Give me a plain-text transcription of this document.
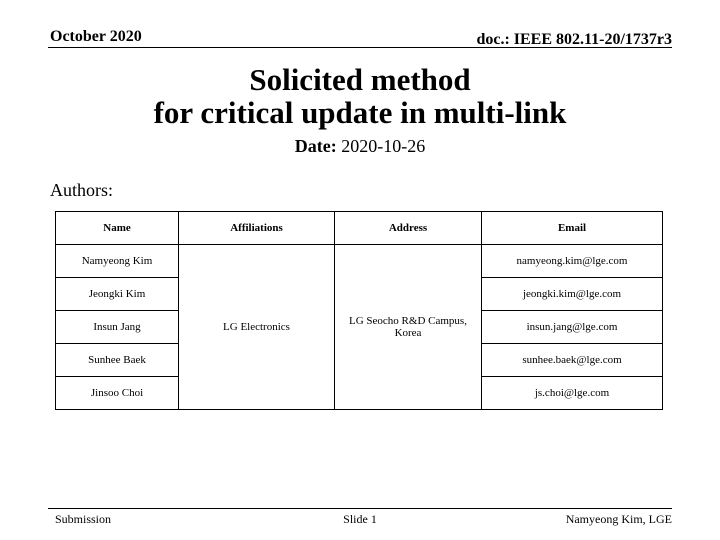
October 2020	doc.: IEEE 802.11-20/1737r3
Solicited method
for critical update in multi-link
Date: 2020-10-26
Authors:
Name	Affiliations	Address	Email
Namyeong Kim	LG Electronics	LG Seocho R&D Campus, Korea	namyeong.kim@lge.com
Jeongki Kim			jeongki.kim@lge.com
Insun Jang			insun.jang@lge.com
Sunhee Baek			sunhee.baek@lge.com
Jinsoo Choi			js.choi@lge.com
Submission	Slide 1	Namyeong Kim, LGE
